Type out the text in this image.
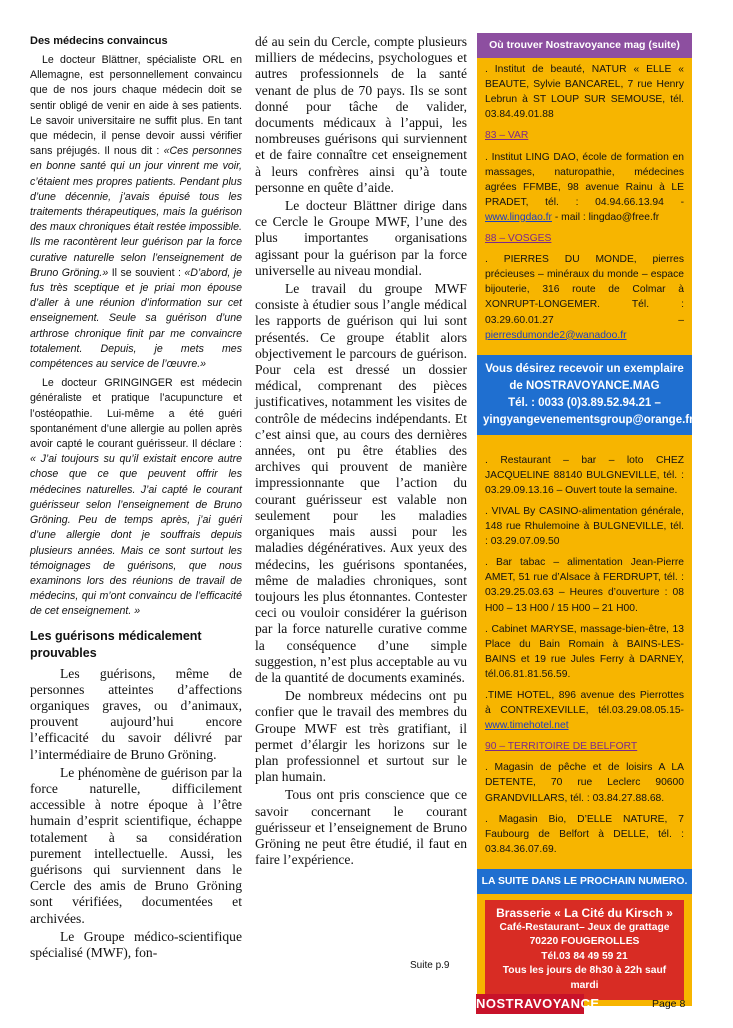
Des médecins convaincus

Le docteur Blättner, spécialiste ORL en Allemagne, est personnellement convaincu que de nos jours chaque médecin doit se sentir obligé de venir en aide à ses patients. Le savoir universitaire ne suffit plus. En tant que médecin, il pense devoir aussi vérifier sans préjugés. Il nous dit : «Ces personnes en bonne santé qui un jour vinrent me voir, c’étaient mes propres patients. Pendant plus d’une décennie, j’avais épuisé tous les traitements thérapeutiques, mais la guérison des maux chroniques était restée impossible. Ils me racontèrent leur guérison par la force curative naturelle selon l’enseignement de Bruno Gröning.» Il se souvient : «D’abord, je fus très sceptique et je priai mon épouse d’aller à une réunion d’information sur cet enseignement. Seule sa guérison d’une arthrose chronique finit par me convaincre totalement. Depuis, je mets mes compétences au service de l’œuvre.»

Le docteur GRINGINGER est médecin généraliste et pratique l’acupuncture et l’ostéopathie. Lui-même a été guéri spontanément d’une allergie au pollen après avoir capté le courant guérisseur. Il déclare : « J’ai toujours su qu’il existait encore autre chose que ce que peuvent offrir les médecines naturelles. J’ai capté le courant guérisseur selon l’enseignement de Bruno Gröning. Peu de temps après, j’ai guéri d’une allergie dont je souffrais depuis plusieurs années. Mais ce sont surtout les témoignages de guérisons, que nous examinons lors des réunions de travail de médecins, qui m’ont convaincu de l’efficacité de cet enseignement. »

Les guérisons médicalement prouvables

Les guérisons, même de personnes atteintes d’affections organiques graves, ou d’animaux, prouvent aujourd’hui encore l’efficacité du savoir délivré par l’intermédiaire de Bruno Gröning.

Le phénomène de guérison par la force naturelle, difficilement accessible à notre époque à l’être humain d’esprit scientifique, échappe totalement à sa considération purement intellectuelle. Aussi, les guérisons qui surviennent dans le Cercle des amis de Bruno Gröning sont vérifiées, documentées et archivées.

Le Groupe médico-scientifique spécialisé (MWF), fon-

dé au sein du Cercle, compte plusieurs milliers de médecins, psychologues et autres professionnels de la santé venant de plus de 70 pays. Ils se sont donné pour tâche de valider, documents médicaux à l’appui, les nombreuses guérisons qui surviennent et de faire connaître cet enseignement à leurs confrères ainsi qu’à toute personne en quête d’aide.

Le docteur Blättner dirige dans ce Cercle le Groupe MWF, l’une des plus importantes organisations agissant pour la guérison par la force universelle au niveau mondial.

Le travail du groupe MWF consiste à étudier sous l’angle médical les rapports de guérison qui lui sont présentés. Ce groupe établit alors objectivement le parcours de guérison. Pour cela est dressé un dossier médical, comprenant des pièces justificatives, notamment les visites de contrôle de médecins indépendants. Et c’est ainsi que, au cours des dernières années, ont pu être établies des archives qui prouvent de manière impressionnante que l’action du courant guérisseur est valable non seulement pour les maladies organiques mais aussi pour les maladies dégénératives. Aux yeux des médecins, les guérisons spontanées, même de maladies chroniques, sont toujours les plus étonnantes. Contester ceci ou vouloir considérer la guérison par la force naturelle curative comme la conséquence d’une simple suggestion, n’est plus acceptable au vu de la quantité de documents examinés.

De nombreux médecins ont pu confier que le travail des membres du Groupe MWF est très gratifiant, il permet d’élargir les horizons sur le plan professionnel et surtout sur le plan humain.

Tous ont pris conscience que ce savoir concernant le courant guérisseur et l’enseignement de Bruno Gröning ne peut être étudié, il faut en faire l’expérience.

Suite p.9
Où trouver Nostravoyance mag (suite)

. Institut de beauté, NATUR « ELLE « BEAUTE, Sylvie BANCAREL, 7 rue Henry Lebrun à ST LOUP SUR SEMOUSE, tél. 03.84.49.01.88

83 – VAR

. Institut LING DAO, école de formation en massages, naturopathie, médecines agrées FFMBE, 98 avenue Rainu à LE PRADET, tél. : 04.94.66.13.94 - www.lingdao.fr - mail : lingdao@free.fr

88 – VOSGES

. PIERRES DU MONDE, pierres précieuses – minéraux du monde – espace bijouterie, 316 route de Colmar à XONRUPT-LONGEMER. Tél. : 03.29.60.01.27 – pierresdumonde2@wanadoo.fr

Vous désirez recevoir un exemplaire de NOSTRAVOYANCE.MAG
Tél. : 0033 (0)3.89.52.94.21 – yingyangevenementsgroup@orange.fr

. Restaurant – bar – loto CHEZ JACQUELINE 88140 BULGNEVILLE, tél. : 03.29.09.13.16 – Ouvert toute la semaine.

. VIVAL By CASINO-alimentation générale, 148 rue Rhulemoine à BULGNEVILLE, tél. : 03.29.07.09.50

. Bar tabac – alimentation Jean-Pierre AMET, 51 rue d’Alsace à FERDRUPT, tél. : 03.29.25.03.63 – Heures d’ouverture : 08 H00 – 13 H00 / 15 H00 – 21 H00.

. Cabinet MARYSE, massage-bien-être, 13 Place du Bain Romain à BAINS-LES-BAINS et 19 rue Jules Ferry à DARNEY, tél.06.81.81.56.59.

.TIME HOTEL, 896 avenue des Pierrottes à CONTREXEVILLE, tél.03.29.08.05.15- www.timehotel.net

90 – TERRITOIRE DE BELFORT

. Magasin de pêche et de loisirs A LA DETENTE, 70 rue Leclerc 90600 GRANDVILLARS, tél. : 03.84.27.88.68.

. Magasin Bio, D’ELLE NATURE, 7 Faubourg de Belfort à DELLE, tél. : 03.84.36.07.69.

LA SUITE DANS LE PROCHAIN NUMERO.
Brasserie « La Cité du Kirsch »
Café-Restaurant– Jeux de grattage
70220 FOUGEROLLES
Tél.03 84 49 59 21
Tous les jours de 8h30 à 22h sauf mardi
NOSTRAVOYANCE	Page 8
